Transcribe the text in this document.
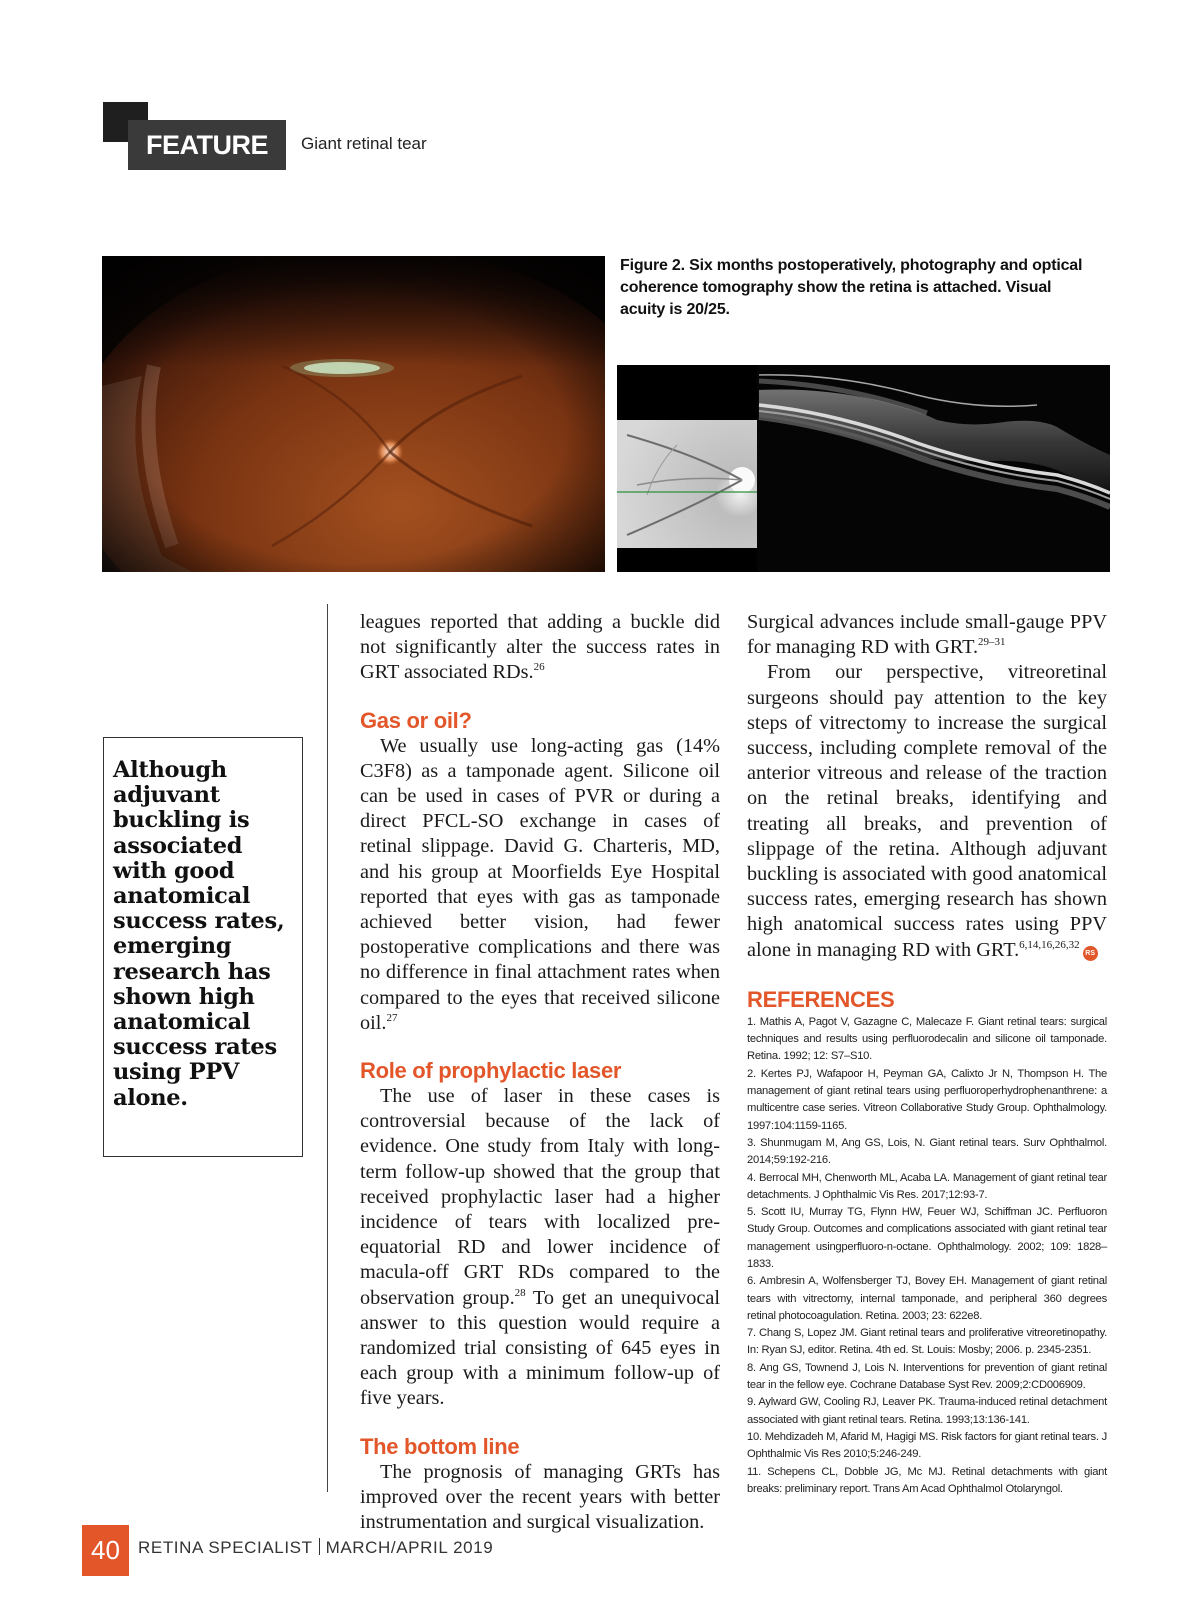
FEATURE	Giant retinal tear
Figure 2. Six months postoperatively, photography and optical coherence tomography show the retina is attached. Visual acuity is 20/25.
Although adjuvant buckling is associated with good anatomical success rates, emerging research has shown high anatomical success rates using PPV alone.

leagues reported that adding a buckle did not significantly alter the success rates in GRT associated RDs.$^{26}$

Gas or oil?

We usually use long-acting gas (14% C3F8) as a tamponade agent. Silicone oil can be used in cases of PVR or during a direct PFCL-SO exchange in cases of retinal slippage. David G. Charteris, MD, and his group at Moorfields Eye Hospital reported that eyes with gas as tamponade achieved better vision, had fewer postoperative complications and there was no difference in final attachment rates when compared to the eyes that received silicone oil.$^{27}$

Role of prophylactic laser

The use of laser in these cases is controversial because of the lack of evidence. One study from Italy with long-term follow-up showed that the group that received prophylactic laser had a higher incidence of tears with localized pre-equatorial RD and lower incidence of macula-off GRT RDs compared to the observation group.$^{28}$ To get an unequivocal answer to this question would require a randomized trial consisting of 645 eyes in each group with a minimum follow-up of five years.

The bottom line

The prognosis of managing GRTs has improved over the recent years with better instrumentation and surgical visualization.

Surgical advances include small-gauge PPV for managing RD with GRT.$^{29-31}$

From our perspective, vitreoretinal surgeons should pay attention to the key steps of vitrectomy to increase the surgical success, including complete removal of the anterior vitreous and release of the traction on the retinal breaks, identifying and treating all breaks, and prevention of slippage of the retina. Although adjuvant buckling is associated with good anatomical success rates, emerging research has shown high anatomical success rates using PPV alone in managing RD with GRT.$^{6,14,16,26,32}$RS

REFERENCES
1. Mathis A, Pagot V, Gazagne C, Malecaze F. Giant retinal tears: surgical techniques and results using perfluorodecalin and silicone oil tamponade. Retina. 1992; 12: S7–S10.
2. Kertes PJ, Wafapoor H, Peyman GA, Calixto Jr N, Thompson H. The management of giant retinal tears using perfluoroperhydrophenanthrene: a multicentre case series. Vitreon Collaborative Study Group. Ophthalmology. 1997:104:1159-1165.
3. Shunmugam M, Ang GS, Lois, N. Giant retinal tears. Surv Ophthalmol. 2014;59:192-216.
4. Berrocal MH, Chenworth ML, Acaba LA. Management of giant retinal tear detachments. J Ophthalmic Vis Res. 2017;12:93-7.
5. Scott IU, Murray TG, Flynn HW, Feuer WJ, Schiffman JC. Perfluoron Study Group. Outcomes and complications associated with giant retinal tear management usingperfluoro-n-octane. Ophthalmology. 2002; 109: 1828–1833.
6. Ambresin A, Wolfensberger TJ, Bovey EH. Management of giant retinal tears with vitrectomy, internal tamponade, and peripheral 360 degrees retinal photocoagulation. Retina. 2003; 23: 622e8.
7. Chang S, Lopez JM. Giant retinal tears and proliferative vitreoretinopathy. In: Ryan SJ, editor. Retina. 4th ed. St. Louis: Mosby; 2006. p. 2345-2351.
8. Ang GS, Townend J, Lois N. Interventions for prevention of giant retinal tear in the fellow eye. Cochrane Database Syst Rev. 2009;2:CD006909.
9. Aylward GW, Cooling RJ, Leaver PK. Trauma-induced retinal detachment associated with giant retinal tears. Retina. 1993;13:136-141.
10. Mehdizadeh M, Afarid M, Hagigi MS. Risk factors for giant retinal tears. J Ophthalmic Vis Res 2010;5:246-249.
11. Schepens CL, Dobble JG, Mc MJ. Retinal detachments with giant breaks: preliminary report. Trans Am Acad Ophthalmol Otolaryngol.
40	RETINA SPECIALIST MARCH/APRIL 2019
